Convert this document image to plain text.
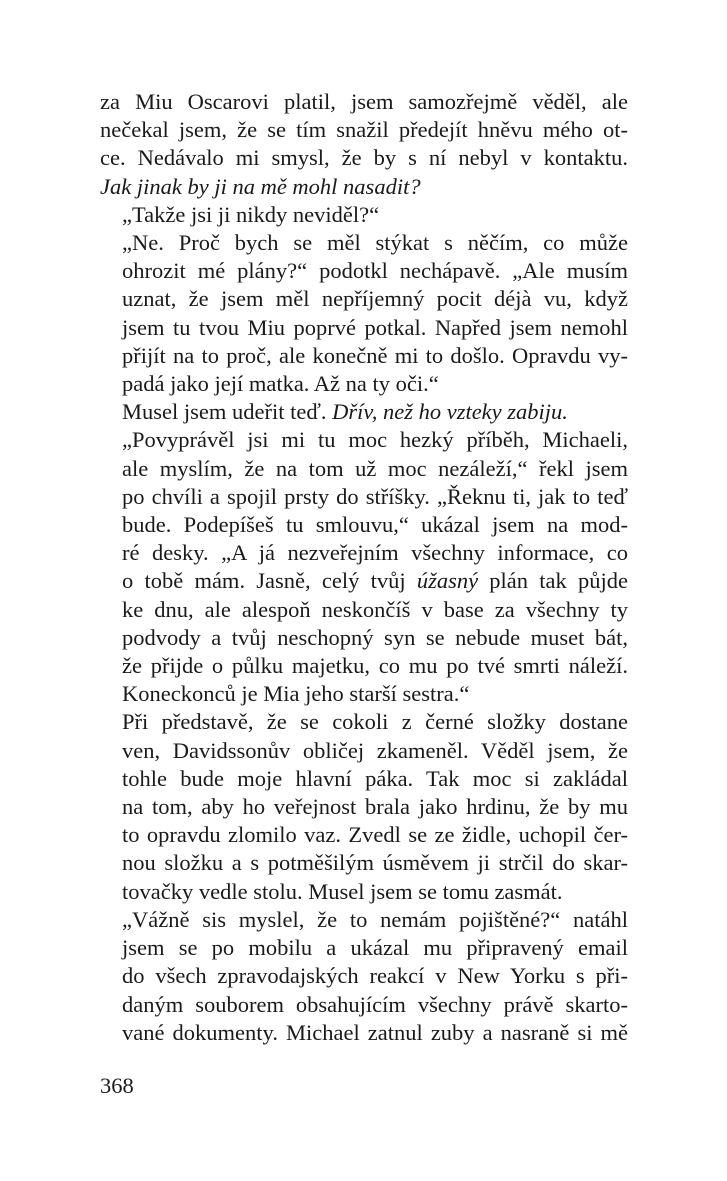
za Miu Oscarovi platil, jsem samozřejmě věděl, ale
nečekal jsem, že se tím snažil předejít hněvu mého ot-
ce. Nedávalo mi smysl, že by s ní nebyl v kontaktu.
Jak jinak by ji na mě mohl nasadit?
„Takže jsi ji nikdy neviděl?“
„Ne. Proč bych se měl stýkat s něčím, co může
ohrozit mé plány?“ podotkl nechápavě. „Ale musím
uznat, že jsem měl nepříjemný pocit déjà vu, když
jsem tu tvou Miu poprvé potkal. Napřed jsem nemohl
přijít na to proč, ale konečně mi to došlo. Opravdu vy-
padá jako její matka. Až na ty oči.“
Musel jsem udeřit teď. Dřív, než ho vzteky zabiju.
„Povyprávěl jsi mi tu moc hezký příběh, Michaeli,
ale myslím, že na tom už moc nezáleží,“ řekl jsem
po chvíli a spojil prsty do stříšky. „Řeknu ti, jak to teď
bude. Podepíšeš tu smlouvu,“ ukázal jsem na mod-
ré desky. „A já nezveřejním všechny informace, co
o tobě mám. Jasně, celý tvůj úžasný plán tak půjde
ke dnu, ale alespoň neskončíš v base za všechny ty
podvody a tvůj neschopný syn se nebude muset bát,
že přijde o půlku majetku, co mu po tvé smrti náleží.
Koneckonců je Mia jeho starší sestra.“
Při představě, že se cokoli z černé složky dostane
ven, Davidssonův obličej zkameněl. Věděl jsem, že
tohle bude moje hlavní páka. Tak moc si zakládal
na tom, aby ho veřejnost brala jako hrdinu, že by mu
to opravdu zlomilo vaz. Zvedl se ze židle, uchopil čer-
nou složku a s potměšilým úsměvem ji strčil do skar-
tovačky vedle stolu. Musel jsem se tomu zasmát.
„Vážně sis myslel, že to nemám pojištěné?“ natáhl
jsem se po mobilu a ukázal mu připravený email
do všech zpravodajských reakcí v New Yorku s při-
daným souborem obsahujícím všechny právě skarto-
vané dokumenty. Michael zatnul zuby a nasraně si mě
368
